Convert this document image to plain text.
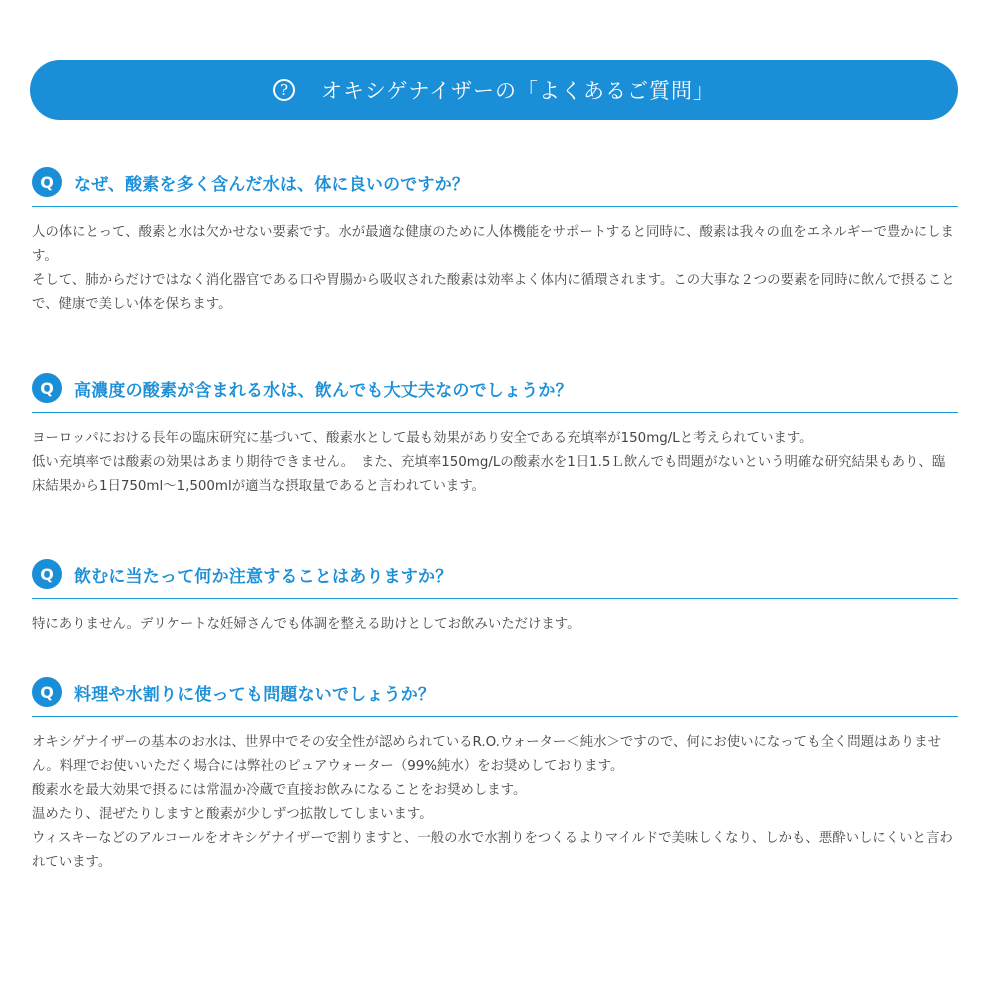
?	オキシゲナイザーの「よくあるご質問」
Q	なぜ、酸素を多く含んだ水は、体に良いのですか？

人の体にとって、酸素と水は欠かせない要素です。水が最適な健康のために人体機能をサポートすると同時に、酸素は我々の血をエネルギーで豊かにします。

そして、肺からだけではなく消化器官である口や胃腸から吸収された酸素は効率よく体内に循環されます。この大事な２つの要素を同時に飲んで摂ることで、健康で美しい体を保ちます。

Q	高濃度の酸素が含まれる水は、飲んでも大丈夫なのでしょうか？

ヨーロッパにおける長年の臨床研究に基づいて、酸素水として最も効果があり安全である充填率が150mg/Lと考えられています。

低い充填率では酸素の効果はあまり期待できません。　また、充填率150mg/Lの酸素水を1日1.5Ｌ飲んでも問題がないという明確な研究結果もあり、臨床結果から1日750ml～1,500mlが適当な摂取量であると言われています。

Q	飲むに当たって何か注意することはありますか？

特にありません。デリケートな妊婦さんでも体調を整える助けとしてお飲みいただけます。

Q	料理や水割りに使っても問題ないでしょうか？

オキシゲナイザーの基本のお水は、世界中でその安全性が認められているR.O.ウォーター＜純水＞ですので、何にお使いになっても全く問題はありません。料理でお使いいただく場合には弊社のピュアウォーター（99%純水）をお奨めしております。

酸素水を最大効果で摂るには常温か冷蔵で直接お飲みになることをお奨めします。

温めたり、混ぜたりしますと酸素が少しずつ拡散してしまいます。

ウィスキーなどのアルコールをオキシゲナイザーで割りますと、一般の水で水割りをつくるよりマイルドで美味しくなり、しかも、悪酔いしにくいと言われています。
